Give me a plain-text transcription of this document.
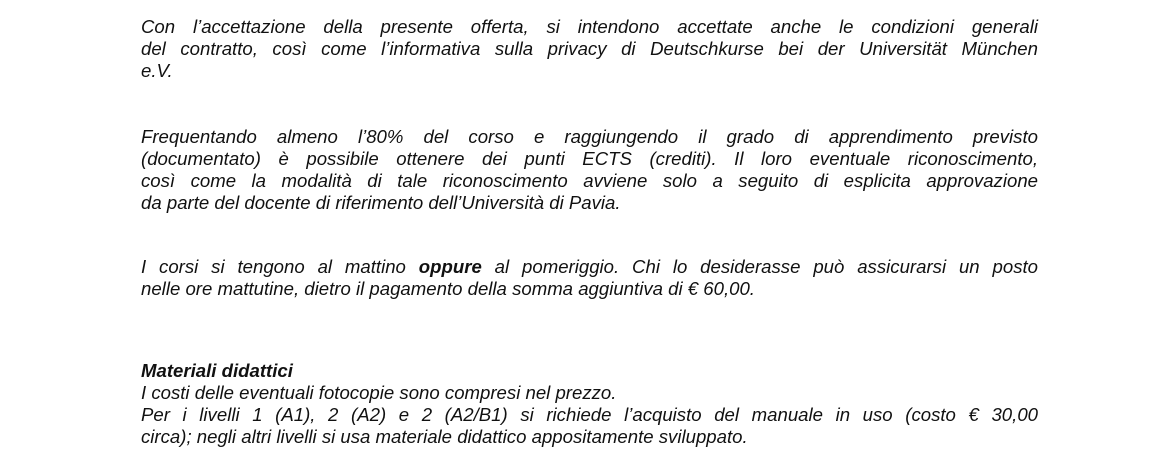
Con l’accettazione della presente offerta, si intendono accettate anche le condizioni generali
del contratto, così come l’informativa sulla privacy di Deutschkurse bei der Universität München
e.V.
Frequentando almeno l’80% del corso e raggiungendo il grado di apprendimento previsto
(documentato) è possibile ottenere dei punti ECTS (crediti). Il loro eventuale riconoscimento,
così come la modalità di tale riconoscimento avviene solo a seguito di esplicita approvazione
da parte del docente di riferimento dell’Università di Pavia.
I corsi si tengono al mattino oppure al pomeriggio. Chi lo desiderasse può assicurarsi un posto
nelle ore mattutine, dietro il pagamento della somma aggiuntiva di € 60,00.
Materiali didattici
I costi delle eventuali fotocopie sono compresi nel prezzo.
Per i livelli 1 (A1), 2 (A2) e 2 (A2/B1) si richiede l’acquisto del manuale in uso (costo € 30,00
circa); negli altri livelli si usa materiale didattico appositamente sviluppato.
